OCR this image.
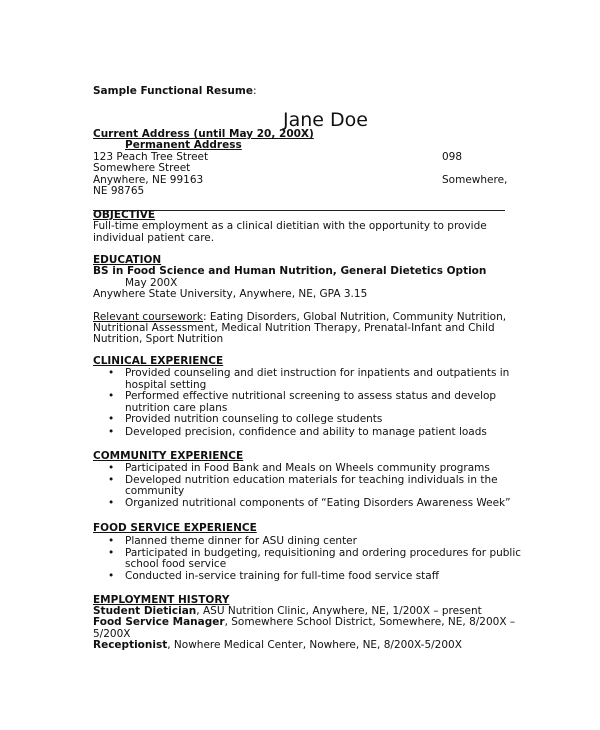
Sample Functional Resume:
Jane Doe
Current Address (until May 20, 200X)
Permanent Address
123 Peach Tree Street
Somewhere Street
Anywhere, NE 99163
NE 98765
098
Somewhere,
OBJECTIVE
Full-time employment as a clinical dietitian with the opportunity to provide
individual patient care.
EDUCATION
BS in Food Science and Human Nutrition, General Dietetics Option
May 200X
Anywhere State University, Anywhere, NE, GPA 3.15
Relevant coursework: Eating Disorders, Global Nutrition, Community Nutrition,
Nutritional Assessment, Medical Nutrition Therapy, Prenatal-Infant and Child
Nutrition, Sport Nutrition
CLINICAL EXPERIENCE
• Provided counseling and diet instruction for inpatients and outpatients in
hospital setting
• Performed effective nutritional screening to assess status and develop
nutrition care plans
• Provided nutrition counseling to college students
• Developed precision, confidence and ability to manage patient loads
COMMUNITY EXPERIENCE
• Participated in Food Bank and Meals on Wheels community programs
• Developed nutrition education materials for teaching individuals in the
community
• Organized nutritional components of “Eating Disorders Awareness Week”
FOOD SERVICE EXPERIENCE
• Planned theme dinner for ASU dining center
• Participated in budgeting, requisitioning and ordering procedures for public
school food service
• Conducted in-service training for full-time food service staff
EMPLOYMENT HISTORY
Student Dietician, ASU Nutrition Clinic, Anywhere, NE, 1/200X – present
Food Service Manager, Somewhere School District, Somewhere, NE, 8/200X –
5/200X
Receptionist, Nowhere Medical Center, Nowhere, NE, 8/200X-5/200X
